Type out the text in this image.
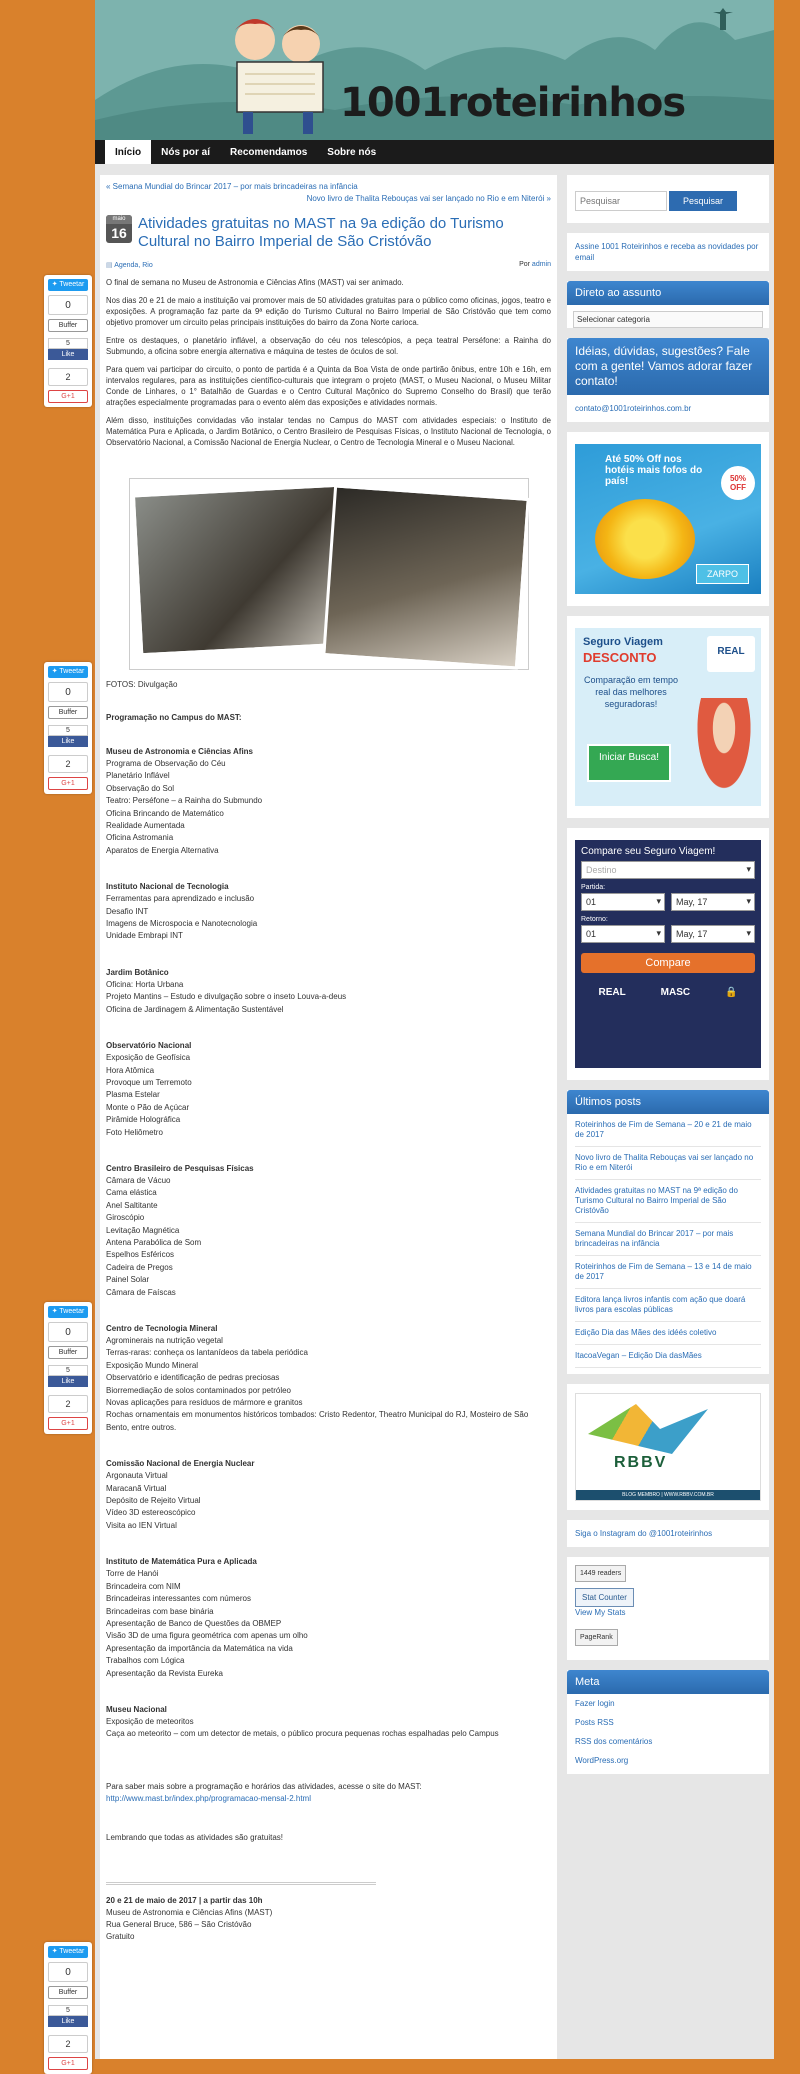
1001roteirinhos
Início	Nós por aí	Recomendamos	Sobre nós
« Semana Mundial do Brincar 2017 – por mais brincadeiras na infância
Novo livro de Thalita Rebouças vai ser lançado no Rio e em Niterói »
maio
16
Atividades gratuitas no MAST na 9a edição do Turismo Cultural no Bairro Imperial de São Cristóvão
▤ Agenda, Rio	Por admin

O final de semana no Museu de Astronomia e Ciências Afins (MAST) vai ser animado.

Nos dias 20 e 21 de maio a instituição vai promover mais de 50 atividades gratuitas para o público como oficinas, jogos, teatro e exposições. A programação faz parte da 9ª edição do Turismo Cultural no Bairro Imperial de São Cristóvão que tem como objetivo promover um circuito pelas principais instituições do bairro da Zona Norte carioca.

Entre os destaques, o planetário inflável, a observação do céu nos telescópios, a peça teatral Perséfone: a Rainha do Submundo, a oficina sobre energia alternativa e máquina de testes de óculos de sol.

Para quem vai participar do circuito, o ponto de partida é a Quinta da Boa Vista de onde partirão ônibus, entre 10h e 16h, em intervalos regulares, para as instituições científico-culturais que integram o projeto (MAST, o Museu Nacional, o Museu Militar Conde de Linhares, o 1° Batalhão de Guardas e o Centro Cultural Maçônico do Supremo Conselho do Brasil) que terão atrações especialmente programadas para o evento além das exposições e atividades normais.

Além disso, instituições convidadas vão instalar tendas no Campus do MAST com atividades especiais: o Instituto de Matemática Pura e Aplicada, o Jardim Botânico, o Centro Brasileiro de Pesquisas Físicas, o Instituto Nacional de Tecnologia, o Observatório Nacional, a Comissão Nacional de Energia Nuclear, o Centro de Tecnologia Mineral e o Museu Nacional.

FOTOS: Divulgação
Programação no Campus do MAST:
Museu de Astronomia e Ciências Afins
Programa de Observação do Céu
Planetário Inflável
Observação do Sol
Teatro: Perséfone – a Rainha do Submundo
Oficina Brincando de Matemático
Realidade Aumentada
Oficina Astromania
Aparatos de Energia Alternativa
Instituto Nacional de Tecnologia
Ferramentas para aprendizado e inclusão
Desafio INT
Imagens de Microspocia e Nanotecnologia
Unidade Embrapi INT
Jardim Botânico
Oficina: Horta Urbana
Projeto Mantins – Estudo e divulgação sobre o inseto Louva-a-deus
Oficina de Jardinagem & Alimentação Sustentável
Observatório Nacional
Exposição de Geofísica
Hora Atômica
Provoque um Terremoto
Plasma Estelar
Monte o Pão de Açúcar
Pirâmide Holográfica
Foto Heliômetro
Centro Brasileiro de Pesquisas Físicas
Câmara de Vácuo
Cama elástica
Anel Saltitante
Giroscópio
Levitação Magnética
Antena Parabólica de Som
Espelhos Esféricos
Cadeira de Pregos
Painel Solar
Câmara de Faíscas
Centro de Tecnologia Mineral
Agrominerais na nutrição vegetal
Terras-raras: conheça os lantanídeos da tabela periódica
Exposição Mundo Mineral
Observatório e identificação de pedras preciosas
Biorremediação de solos contaminados por petróleo
Novas aplicações para resíduos de mármore e granitos
Rochas ornamentais em monumentos históricos tombados: Cristo Redentor, Theatro Municipal do RJ, Mosteiro de São Bento, entre outros.
Comissão Nacional de Energia Nuclear
Argonauta Virtual
Maracanã Virtual
Depósito de Rejeito Virtual
Vídeo 3D estereoscópico
Visita ao IEN Virtual
Instituto de Matemática Pura e Aplicada
Torre de Hanói
Brincadeira com NIM
Brincadeiras interessantes com números
Brincadeiras com base binária
Apresentação de Banco de Questões da OBMEP
Visão 3D de uma figura geométrica com apenas um olho
Apresentação da importância da Matemática na vida
Trabalhos com Lógica
Apresentação da Revista Eureka
Museu Nacional
Exposição de meteoritos
Caça ao meteorito – com um detector de metais, o público procura pequenas rochas espalhadas pelo Campus
Para saber mais sobre a programação e horários das atividades, acesse o site do MAST: http://www.mast.br/index.php/programacao-mensal-2.html
Lembrando que todas as atividades são gratuitas!
20 e 21 de maio de 2017 | a partir das 10h
Museu de Astronomia e Ciências Afins (MAST)
Rua General Bruce, 586 – São Cristóvão
Gratuito
Pesquisar
Pesquisar
Assine 1001 Roteirinhos e receba as novidades por email
Direto ao assunto
Selecionar categoria
Idéias, dúvidas, sugestões? Fale com a gente! Vamos adorar fazer contato!
contato@1001roteirinhos.com.br
Até 50% Off nos hotéis mais fofos do país!	50% OFF
ZARPO
Seguro Viagem
DESCONTO
Comparação em tempo real das melhores seguradoras!
Iniciar Busca!
REAL
Compare seu Seguro Viagem!
Destino ▾
Partida:
01 ▾	May, 17 ▾
Retorno:
01 ▾	May, 17 ▾
Compare
REAL	MASC	🔒
Últimos posts
Roteirinhos de Fim de Semana – 20 e 21 de maio de 2017
Novo livro de Thalita Rebouças vai ser lançado no Rio e em Niterói
Atividades gratuitas no MAST na 9ª edição do Turismo Cultural no Bairro Imperial de São Cristóvão
Semana Mundial do Brincar 2017 – por mais brincadeiras na infância
Roteirinhos de Fim de Semana – 13 e 14 de maio de 2017
Editora lança livros infantis com ação que doará livros para escolas públicas
Edição Dia das Mães des idéés coletivo
ItacoaVegan – Edição Dia dasMães
RBBV
BLOG MEMBRO | WWW.RBBV.COM.BR
Siga o Instagram do @1001roteirinhos
1449 readers
Stat Counter
View My Stats

PageRank
Meta
Fazer login
Posts RSS
RSS dos comentários
WordPress.org
✦ Tweetar
0
Buffer
5
Like
2
G+1
✦ Tweetar
0
Buffer
5
Like
2
G+1
✦ Tweetar
0
Buffer
5
Like
2
G+1
✦ Tweetar
0
Buffer
5
Like
2
G+1
